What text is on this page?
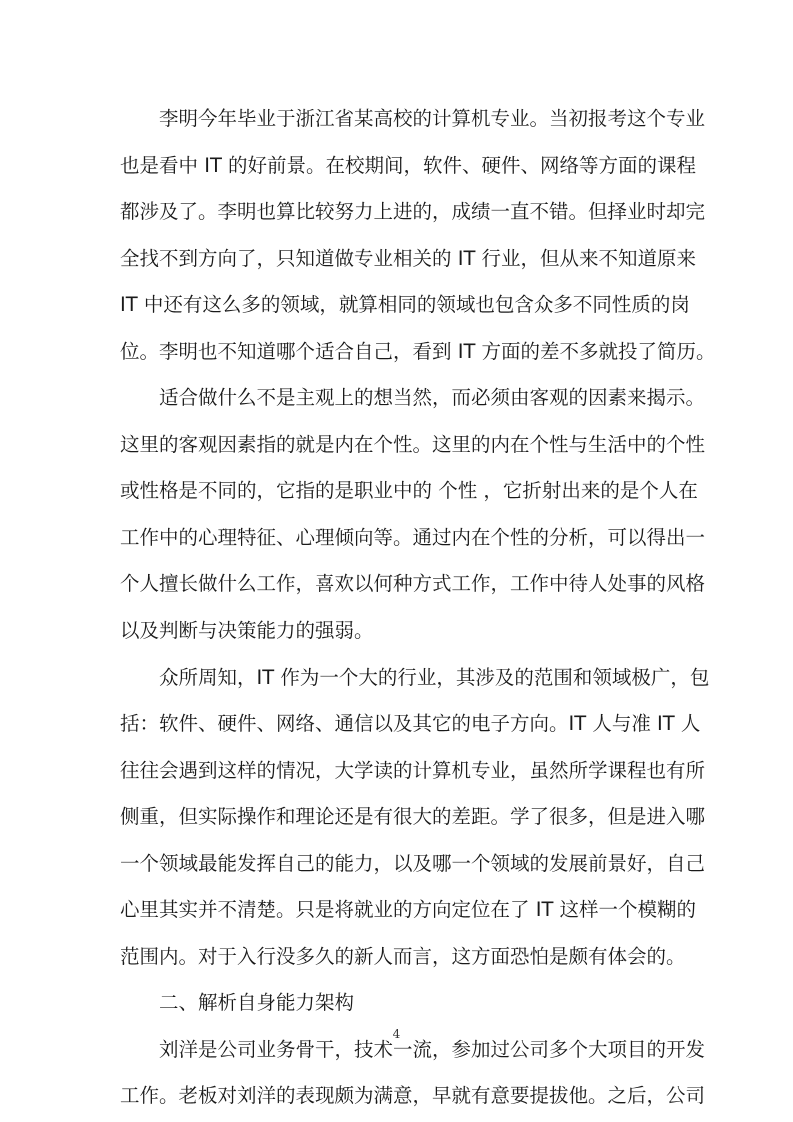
李明今年毕业于浙江省某高校的计算机专业。当初报考这个专业
也是看中 IT 的好前景。在校期间，软件、硬件、网络等方面的课程
都涉及了。李明也算比较努力上进的，成绩一直不错。但择业时却完
全找不到方向了，只知道做专业相关的 IT 行业，但从来不知道原来
IT 中还有这么多的领域，就算相同的领域也包含众多不同性质的岗
位。李明也不知道哪个适合自己，看到 IT 方面的差不多就投了简历。
适合做什么不是主观上的想当然，而必须由客观的因素来揭示。
这里的客观因素指的就是内在个性。这里的内在个性与生活中的个性
或性格是不同的，它指的是职业中的 个性 ，它折射出来的是个人在
工作中的心理特征、心理倾向等。通过内在个性的分析，可以得出一
个人擅长做什么工作，喜欢以何种方式工作，工作中待人处事的风格
以及判断与决策能力的强弱。
众所周知，IT 作为一个大的行业，其涉及的范围和领域极广，包
括：软件、硬件、网络、通信以及其它的电子方向。IT 人与准 IT 人
往往会遇到这样的情况，大学读的计算机专业，虽然所学课程也有所
侧重，但实际操作和理论还是有很大的差距。学了很多，但是进入哪
一个领域最能发挥自己的能力，以及哪一个领域的发展前景好，自己
心里其实并不清楚。只是将就业的方向定位在了 IT 这样一个模糊的
范围内。对于入行没多久的新人而言，这方面恐怕是颇有体会的。
二、解析自身能力架构
刘洋是公司业务骨干，技术一流，参加过公司多个大项目的开发
工作。老板对刘洋的表现颇为满意，早就有意要提拔他。之后，公司
4
